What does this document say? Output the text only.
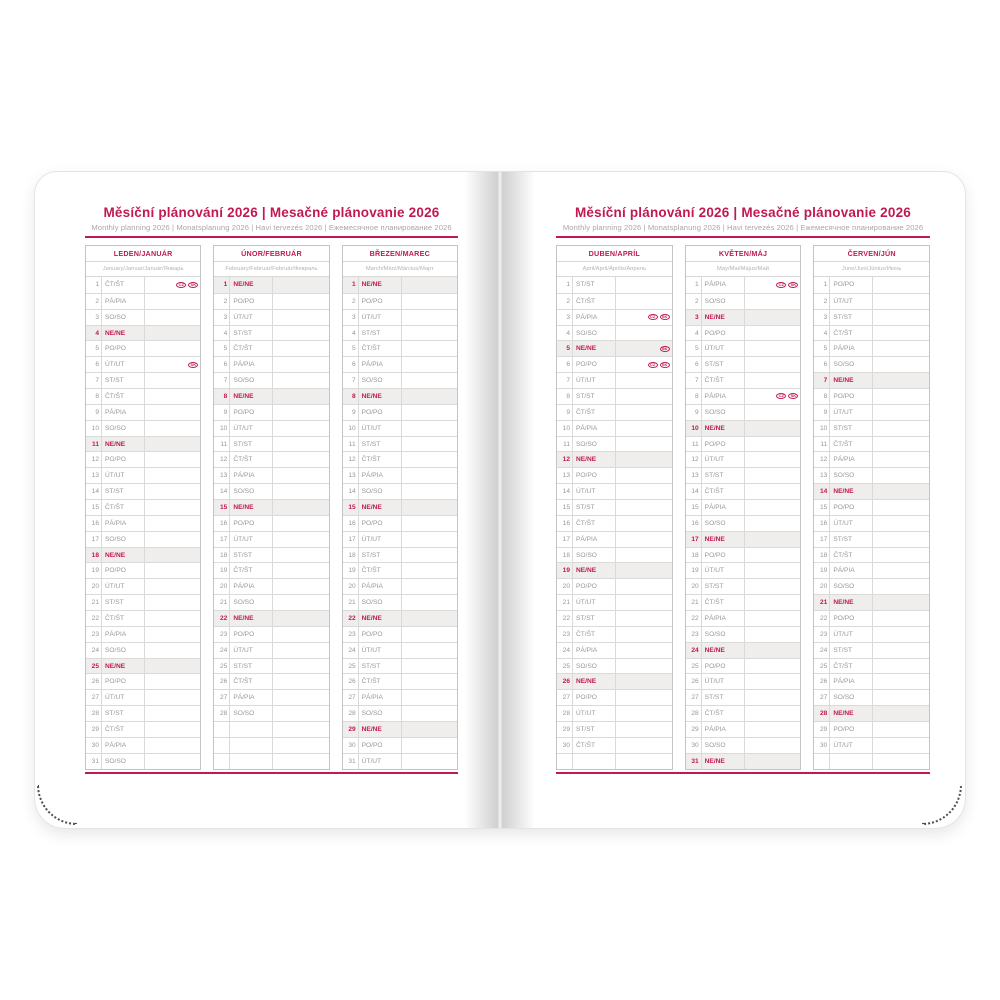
Měsíční plánování 2026 | Mesačné plánovanie 2026
Monthly planning 2026 | Monatsplanung 2026 | Havi tervezés 2026 | Ежемесячное планирование 2026
LEDEN/JANUÁR
January/Januar/Január/Январь
1 ČT/ŠT	CZ	SK
2 PÁ/PIA
3 SO/SO
4 NE/NE
5 PO/PO
6 ÚT/UT	SK
7 ST/ST
8 ČT/ŠT
9 PÁ/PIA
10 SO/SO
11 NE/NE
12 PO/PO
13 ÚT/UT
14 ST/ST
15 ČT/ŠT
16 PÁ/PIA
17 SO/SO
18 NE/NE
19 PO/PO
20 ÚT/UT
21 ST/ST
22 ČT/ŠT
23 PÁ/PIA
24 SO/SO
25 NE/NE
26 PO/PO
27 ÚT/UT
28 ST/ST
29 ČT/ŠT
30 PÁ/PIA
31 SO/SO
ÚNOR/FEBRUÁR
February/Februar/Február/Февраль
1 NE/NE
2 PO/PO
3 ÚT/UT
4 ST/ST
5 ČT/ŠT
6 PÁ/PIA
7 SO/SO
8 NE/NE
9 PO/PO
10 ÚT/UT
11 ST/ST
12 ČT/ŠT
13 PÁ/PIA
14 SO/SO
15 NE/NE
16 PO/PO
17 ÚT/UT
18 ST/ST
19 ČT/ŠT
20 PÁ/PIA
21 SO/SO
22 NE/NE
23 PO/PO
24 ÚT/UT
25 ST/ST
26 ČT/ŠT
27 PÁ/PIA
28 SO/SO
BŘEZEN/MAREC
March/März/Március/Март
1 NE/NE
2 PO/PO
3 ÚT/UT
4 ST/ST
5 ČT/ŠT
6 PÁ/PIA
7 SO/SO
8 NE/NE
9 PO/PO
10 ÚT/UT
11 ST/ST
12 ČT/ŠT
13 PÁ/PIA
14 SO/SO
15 NE/NE
16 PO/PO
17 ÚT/UT
18 ST/ST
19 ČT/ŠT
20 PÁ/PIA
21 SO/SO
22 NE/NE
23 PO/PO
24 ÚT/UT
25 ST/ST
26 ČT/ŠT
27 PÁ/PIA
28 SO/SO
29 NE/NE
30 PO/PO
31 ÚT/UT
Měsíční plánování 2026 | Mesačné plánovanie 2026
Monthly planning 2026 | Monatsplanung 2026 | Havi tervezés 2026 | Ежемесячное планирование 2026
DUBEN/APRÍL
April/April/Április/Апрель
1 ST/ST
2 ČT/ŠT
3 PÁ/PIA	CZ	SK
4 SO/SO
5 NE/NE	SK
6 PO/PO	CZ	SK
7 ÚT/UT
8 ST/ST
9 ČT/ŠT
10 PÁ/PIA
11 SO/SO
12 NE/NE
13 PO/PO
14 ÚT/UT
15 ST/ST
16 ČT/ŠT
17 PÁ/PIA
18 SO/SO
19 NE/NE
20 PO/PO
21 ÚT/UT
22 ST/ST
23 ČT/ŠT
24 PÁ/PIA
25 SO/SO
26 NE/NE
27 PO/PO
28 ÚT/UT
29 ST/ST
30 ČT/ŠT
KVĚTEN/MÁJ
May/Mai/Május/Май
1 PÁ/PIA	CZ	SK
2 SO/SO
3 NE/NE
4 PO/PO
5 ÚT/UT
6 ST/ST
7 ČT/ŠT
8 PÁ/PIA	CZ	SK
9 SO/SO
10 NE/NE
11 PO/PO
12 ÚT/UT
13 ST/ST
14 ČT/ŠT
15 PÁ/PIA
16 SO/SO
17 NE/NE
18 PO/PO
19 ÚT/UT
20 ST/ST
21 ČT/ŠT
22 PÁ/PIA
23 SO/SO
24 NE/NE
25 PO/PO
26 ÚT/UT
27 ST/ST
28 ČT/ŠT
29 PÁ/PIA
30 SO/SO
31 NE/NE
ČERVEN/JÚN
June/Juni/Június/Июнь
1 PO/PO
2 ÚT/UT
3 ST/ST
4 ČT/ŠT
5 PÁ/PIA
6 SO/SO
7 NE/NE
8 PO/PO
9 ÚT/UT
10 ST/ST
11 ČT/ŠT
12 PÁ/PIA
13 SO/SO
14 NE/NE
15 PO/PO
16 ÚT/UT
17 ST/ST
18 ČT/ŠT
19 PÁ/PIA
20 SO/SO
21 NE/NE
22 PO/PO
23 ÚT/UT
24 ST/ST
25 ČT/ŠT
26 PÁ/PIA
27 SO/SO
28 NE/NE
29 PO/PO
30 ÚT/UT
